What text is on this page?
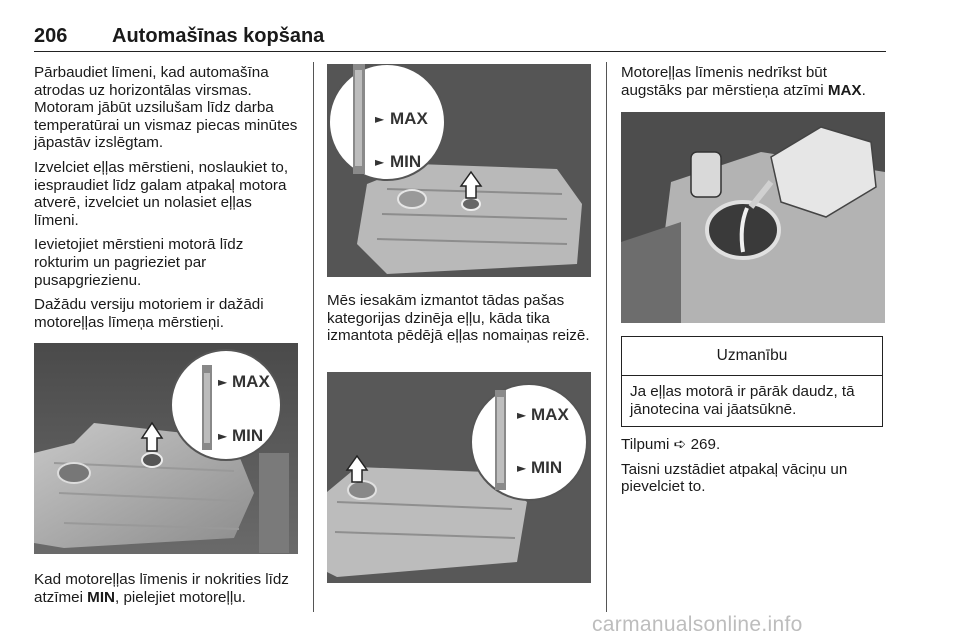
206 Automašīnas kopšana

Pārbaudiet līmeni, kad automašīna atrodas uz horizontālas virsmas. Motoram jābūt uzsilušam līdz darba temperatūrai un vismaz piecas minūtes jāpastāv izslēgtam.

Izvelciet eļļas mērstieni, noslaukiet to, iespraudiet līdz galam atpakaļ motora atverē, izvelciet un nolasiet eļļas līmeni.

Ievietojiet mērstieni motorā līdz rokturim un pagrieziet par pusapgriezienu.

Dažādu versiju motoriem ir dažādi motoreļļas līmeņa mērstieņi.

► MAX
► MIN

Kad motoreļļas līmenis ir nokrities līdz atzīmei MIN, pielejiet motoreļļu.

► MAX
► MIN

Mēs iesakām izmantot tādas pašas kategorijas dzinēja eļļu, kāda tika izmantota pēdējā eļļas nomaiņas reizē.

► MAX
► MIN

Motoreļļas līmenis nedrīkst būt augstāks par mērstieņa atzīmi MAX.

Uzmanību
Ja eļļas motorā ir pārāk daudz, tā jānotecina vai jāatsūknē.

Tilpumi ➪ 269.

Taisni uzstādiet atpakaļ vāciņu un pievelciet to.

carmanualsonline.info
